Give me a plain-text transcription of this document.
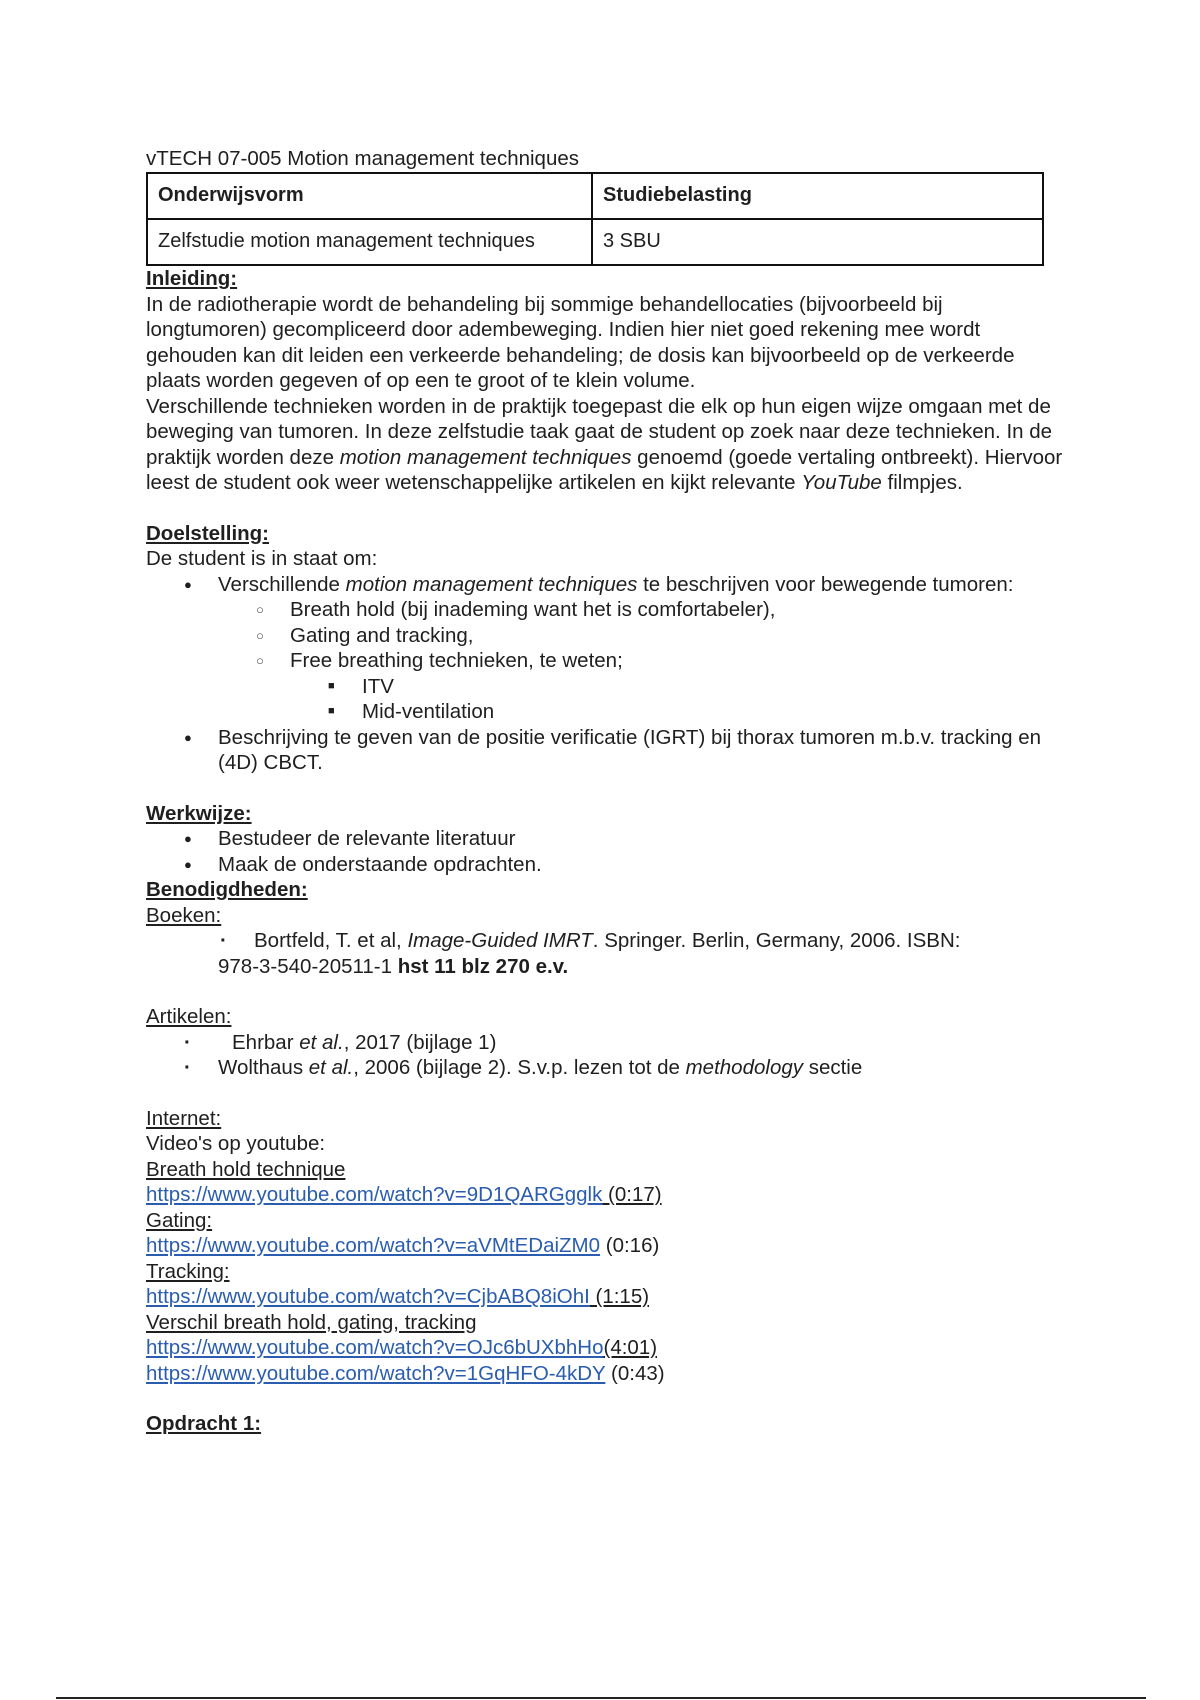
vTECH 07-005 Motion management techniques

Onderwijsvorm	Studiebelasting
Zelfstudie motion management techniques	3 SBU

Inleiding:

In de radiotherapie wordt de behandeling bij sommige behandellocaties (bijvoorbeeld bij longtumoren) gecompliceerd door adembeweging. Indien hier niet goed rekening mee wordt gehouden kan dit leiden een verkeerde behandeling; de dosis kan bijvoorbeeld op de verkeerde plaats worden gegeven of op een te groot of te klein volume.

Verschillende technieken worden in de praktijk toegepast die elk op hun eigen wijze omgaan met de beweging van tumoren. In deze zelfstudie taak gaat de student op zoek naar deze technieken. In de praktijk worden deze motion management techniques genoemd (goede vertaling ontbreekt). Hiervoor leest de student ook weer wetenschappelijke artikelen en kijkt relevante YouTube filmpjes.

Doelstelling:

De student is in staat om:

● Verschillende motion management techniques te beschrijven voor bewegende tumoren:
○ Breath hold (bij inademing want het is comfortabeler),
○ Gating and tracking,
○ Free breathing technieken, te weten;
■ ITV
■ Mid-ventilation
● Beschrijving te geven van de positie verificatie (IGRT) bij thorax tumoren m.b.v. tracking en (4D) CBCT.

Werkwijze:

● Bestudeer de relevante literatuur
● Maak de onderstaande opdrachten.

Benodigdheden:

Boeken:

· Bortfeld, T. et al, Image-Guided IMRT. Springer. Berlin, Germany, 2006. ISBN:

978-3-540-20511-1 hst 11 blz 270 e.v.

Artikelen:

· Ehrbar et al., 2017 (bijlage 1)

· Wolthaus et al., 2006 (bijlage 2). S.v.p. lezen tot de methodology sectie

Internet:

Video's op youtube:

Breath hold technique

https://www.youtube.com/watch?v=9D1QARGgglk (0:17)

Gating:

https://www.youtube.com/watch?v=aVMtEDaiZM0 (0:16)

Tracking:

https://www.youtube.com/watch?v=CjbABQ8iOhI (1:15)

Verschil breath hold, gating, tracking

https://www.youtube.com/watch?v=OJc6bUXbhHo(4:01)

https://www.youtube.com/watch?v=1GqHFO-4kDY (0:43)

Opdracht 1:
